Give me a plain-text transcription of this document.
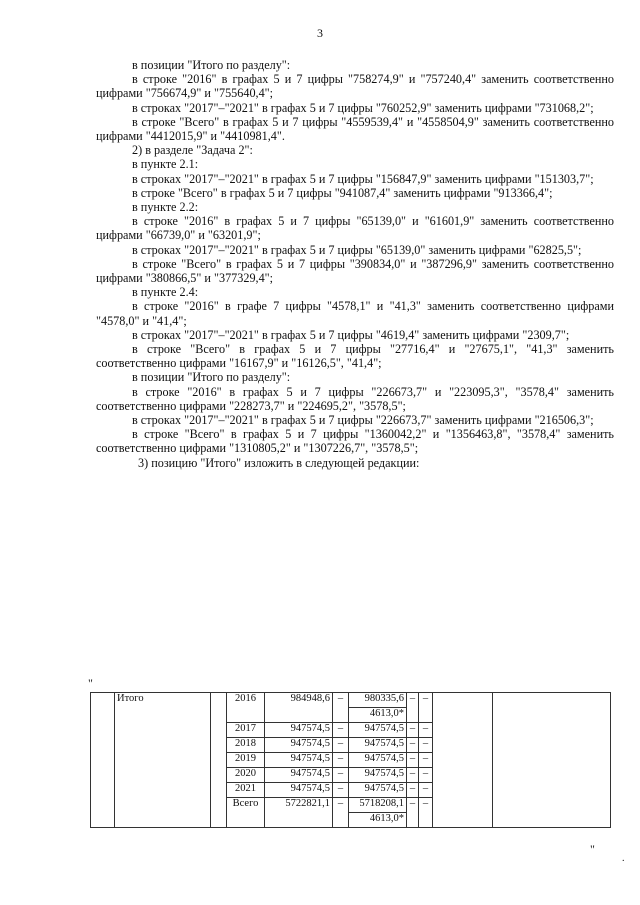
3

в позиции "Итого по разделу":

в строке "2016" в графах 5 и 7 цифры "758274,9" и "757240,4" заменить соответственно цифрами "756674,9" и "755640,4";

в строках "2017"–"2021" в графах 5 и 7 цифры "760252,9" заменить цифрами "731068,2";

в строке "Всего" в графах 5 и 7 цифры "4559539,4" и "4558504,9" заменить соответственно цифрами "4412015,9" и "4410981,4".

2) в разделе "Задача 2":

в пункте 2.1:

в строках "2017"–"2021" в графах 5 и 7 цифры "156847,9" заменить цифрами "151303,7";

в строке "Всего" в графах 5 и 7 цифры "941087,4" заменить цифрами "913366,4";

в пункте 2.2:

в строке "2016" в графах 5 и 7 цифры "65139,0" и "61601,9" заменить соответственно цифрами "66739,0" и "63201,9";

в строках "2017"–"2021" в графах 5 и 7 цифры "65139,0" заменить цифрами "62825,5";

в строке "Всего" в графах 5 и 7 цифры "390834,0" и "387296,9" заменить соответственно цифрами "380866,5" и "377329,4";

в пункте 2.4:

в строке "2016" в графе 7 цифры "4578,1" и "41,3" заменить соответственно цифрами "4578,0" и "41,4";

в строках "2017"–"2021" в графах 5 и 7 цифры "4619,4" заменить цифрами "2309,7";

в строке "Всего" в графах 5 и 7 цифры "27716,4" и "27675,1", "41,3" заменить соответственно цифрами "16167,9" и "16126,5", "41,4";

в позиции "Итого по разделу":

в строке "2016" в графах 5 и 7 цифры "226673,7" и "223095,3", "3578,4" заменить соответственно цифрами "228273,7" и "224695,2", "3578,5";

в строках "2017"–"2021" в графах 5 и 7 цифры "226673,7" заменить цифрами "216506,3";

в строке "Всего" в графах 5 и 7 цифры "1360042,2" и "1356463,8", "3578,4" заменить соответственно цифрами "1310805,2" и "1307226,7", "3578,5";

3) позицию "Итого" изложить в следующей редакции:

"
	Итого		2016	984948,6	–	980335,6	–	–		
						4613,0*				
			2017	947574,5	–	947574,5	–	–		
			2018	947574,5	–	947574,5	–	–		
			2019	947574,5	–	947574,5	–	–		
			2020	947574,5	–	947574,5	–	–		
			2021	947574,5	–	947574,5	–	–		
			Всего	5722821,1	–	5718208,1	–	–		
						4613,0*				
"
.
